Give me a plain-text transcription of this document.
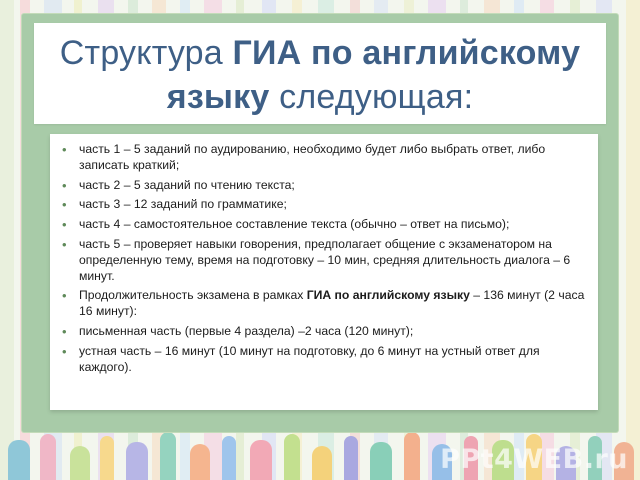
Структура ГИА по английскому
языку следующая:
• часть 1 – 5 заданий по аудированию, необходимо будет либо выбрать ответ, либо записать краткий;
• часть 2 – 5 заданий по чтению текста;
• часть 3 – 12 заданий по грамматике;
• часть 4 – самостоятельное составление текста (обычно – ответ на письмо);
• часть 5 – проверяет навыки говорения, предполагает общение с экзаменатором на определенную тему, время на подготовку – 10 мин, средняя длительность диалога – 6 минут.
• Продолжительность экзамена в рамках ГИА по английскому языку – 136 минут (2 часа 16 минут):
• письменная часть (первые 4 раздела) –2 часа (120 минут);
• устная часть – 16 минут (10 минут на подготовку, до 6 минут на устный ответ для каждого).
PPt4WEB.ru
